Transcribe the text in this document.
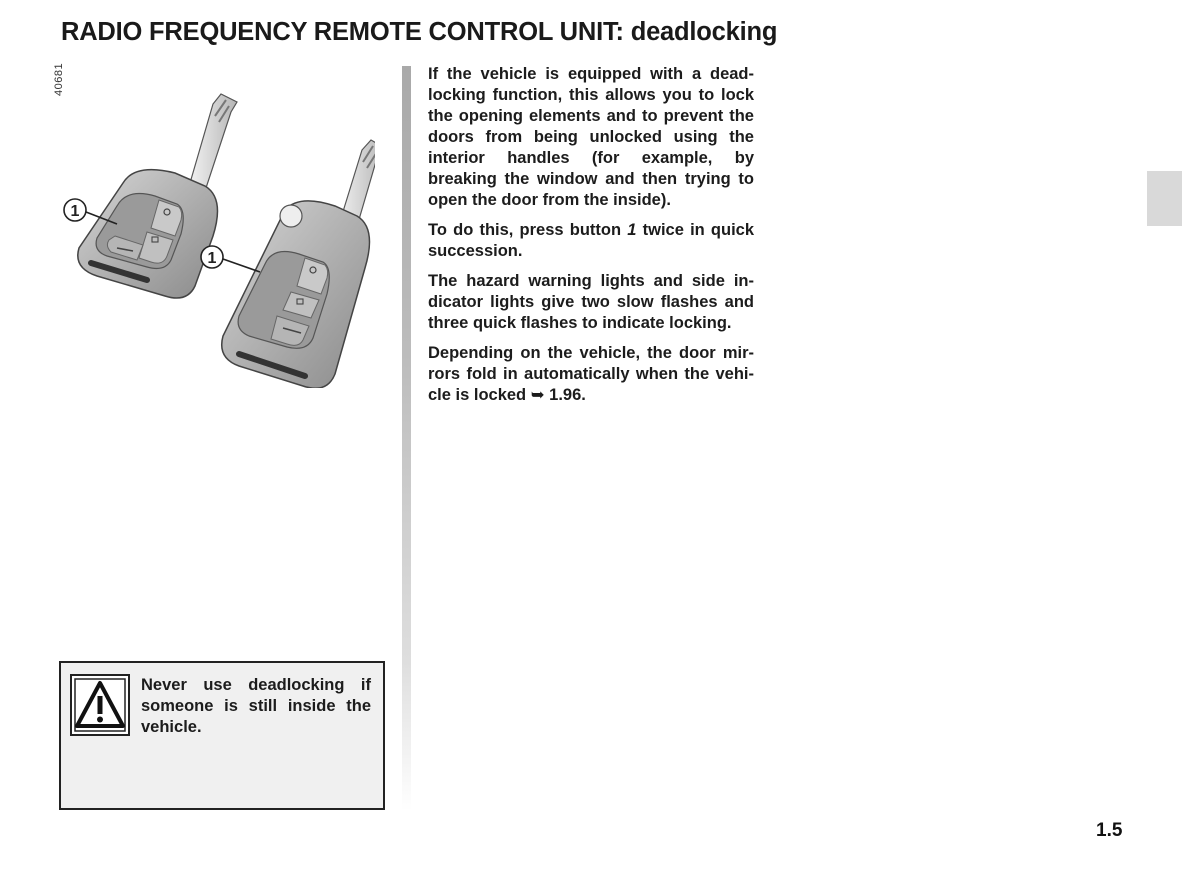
RADIO FREQUENCY REMOTE CONTROL UNIT: deadlocking
40681
1
1

If the vehicle is equipped with a dead-locking function, this allows you to lock the opening elements and to prevent the doors from being unlocked using the interior handles (for example, by breaking the window and then trying to open the door from the inside).

To do this, press button 1 twice in quick succession.

The hazard warning lights and side in-dicator lights give two slow flashes and three quick flashes to indicate locking.

Depending on the vehicle, the door mir-rors fold in automatically when the vehi-cle is locked ➥ 1.96.

Never use deadlocking if someone is still inside the vehicle.
1.5
